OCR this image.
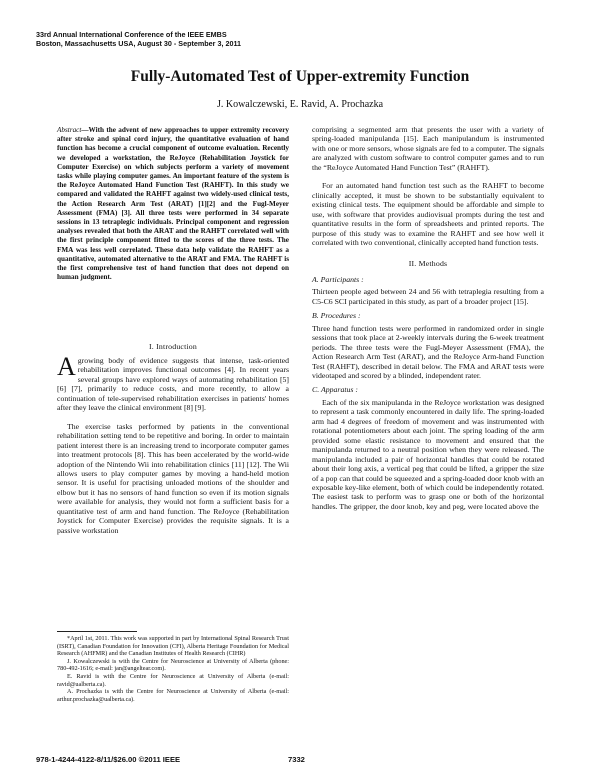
33rd Annual International Conference of the IEEE EMBS
Boston, Massachusetts USA, August 30 - September 3, 2011
Fully-Automated Test of Upper-extremity Function
J. Kowalczewski, E. Ravid, A. Prochazka
Abstract—With the advent of new approaches to upper extremity recovery after stroke and spinal cord injury, the quantitative evaluation of hand function has become a crucial component of outcome evaluation. Recently we developed a workstation, the ReJoyce (Rehabilitation Joystick for Computer Exercise) on which subjects perform a variety of movement tasks while playing computer games. An important feature of the system is the ReJoyce Automated Hand Function Test (RAHFT). In this study we compared and validated the RAHFT against two widely-used clinical tests, the Action Research Arm Test (ARAT) [1][2] and the Fugl-Meyer Assessment (FMA) [3]. All three tests were performed in 34 separate sessions in 13 tetraplegic individuals. Principal component and regression analyses revealed that both the ARAT and the RAHFT correlated well with the first principle component fitted to the scores of the three tests. The FMA was less well correlated. These data help validate the RAHFT as a quantitative, automated alternative to the ARAT and FMA. The RAHFT is the first comprehensive test of hand function that does not depend on human judgment.
I. Introduction

Agrowing body of evidence suggests that intense, task-oriented rehabilitation improves functional outcomes [4]. In recent years several groups have explored ways of automating rehabilitation [5] [6] [7], primarily to reduce costs, and more recently, to allow a continuation of tele-supervised rehabilitation exercises in patients' homes after they leave the clinical environment [8] [9].

The exercise tasks performed by patients in the conventional rehabilitation setting tend to be repetitive and boring. In order to maintain patient interest there is an increasing trend to incorporate computer games into treatment protocols [8]. This has been accelerated by the world-wide adoption of the Nintendo Wii into rehabilitation clinics [11] [12]. The Wii allows users to play computer games by moving a hand-held motion sensor. It is useful for practising unloaded motions of the shoulder and elbow but it has no sensors of hand function so even if its motion signals were available for analysis, they would not form a sufficient basis for a quantitative test of arm and hand function. The ReJoyce (Rehabilitation Joystick for Computer Exercise) provides the requisite signals. It is a passive workstation

*April 1st, 2011. This work was supported in part by International Spinal Research Trust (ISRT), Canadian Foundation for Innovation (CFI), Alberta Heritage Foundation for Medical Research (AHFMR) and the Canadian Institutes of Health Research (CIHR)

J. Kowalczewski is with the Centre for Neuroscience at University of Alberta (phone: 780-492-1616; e-mail: jan@angeltear.com).

E. Ravid is with the Centre for Neuroscience at University of Alberta (e-mail: ravid@ualberta.ca).

A. Prochazka is with the Centre for Neuroscience at University of Alberta (e-mail: arthur.prochazka@ualberta.ca).

comprising a segmented arm that presents the user with a variety of spring-loaded manipulanda [15]. Each manipulandum is instrumented with one or more sensors, whose signals are fed to a computer. The signals are analyzed with custom software to control computer games and to run the “ReJoyce Automated Hand Function Test” (RAHFT).

For an automated hand function test such as the RAHFT to become clinically accepted, it must be shown to be substantially equivalent to existing clinical tests. The equipment should be affordable and simple to use, with software that provides audiovisual prompts during the test and quantitative results in the form of spreadsheets and printed reports. The purpose of this study was to examine the RAHFT and see how well it correlated with two conventional, clinically accepted hand function tests.

II. Methods
A. Participants :

Thirteen people aged between 24 and 56 with tetraplegia resulting from a C5-C6 SCI participated in this study, as part of a broader project [15].

B. Procedures :

Three hand function tests were performed in randomized order in single sessions that took place at 2-weekly intervals during the 6-week treatment periods. The three tests were the Fugl-Meyer Assessment (FMA), the Action Research Arm Test (ARAT), and the ReJoyce Arm-hand Function Test (RAHFT), described in detail below. The FMA and ARAT tests were videotaped and scored by a blinded, independent rater.

C. Apparatus :

Each of the six manipulanda in the ReJoyce workstation was designed to represent a task commonly encountered in daily life. The spring-loaded arm had 4 degrees of freedom of movement and was instrumented with rotational potentiometers about each joint. The spring loading of the arm provided some elastic resistance to movement and ensured that the manipulanda returned to a neutral position when they were released. The manipulanda included a pair of horizontal handles that could be rotated about their long axis, a vertical peg that could be lifted, a gripper the size of a pop can that could be squeezed and a spring-loaded door knob with an exposable key-like element, both of which could be independently rotated. The easiest task to perform was to grasp one or both of the horizontal handles. The gripper, the door knob, key and peg, were located above the

978-1-4244-4122-8/11/$26.00 ©2011 IEEE	7332
